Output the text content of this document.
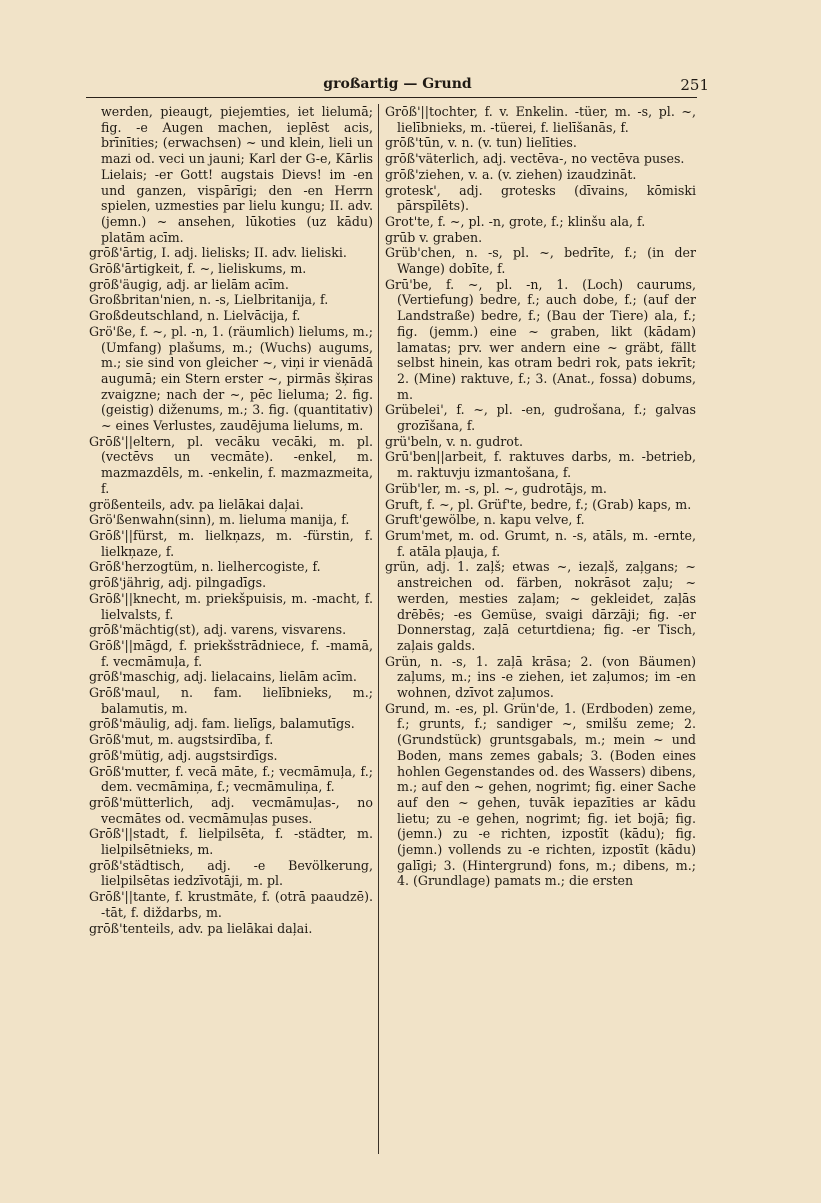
großartig — Grund	251

werden, pieaugt, piejemties, iet lielumā; fig. -e Augen machen, ieplēst acis, brīnīties; (erwachsen) ~ und klein, lieli un mazi od. veci un jauni; Karl der G-e, Kārlis Lielais; -er Gott! augstais Dievs! im -en und ganzen, vispārīgi; den -en Herrn spielen, uzmesties par lielu kungu; II. adv. (jemn.) ~ ansehen, lūkoties (uz kādu) platām acīm.

grōß'ārtig, I. adj. lielisks; II. adv. lieliski.

Grōß'ārtigkeit, f. ~, lieliskums, m.

grōß'äugig, adj. ar lielām acīm.

Großbritan'nien, n. -s, Lielbritanija, f.

Großdeutschland, n. Lielvācija, f.

Grö'ße, f. ~, pl. -n, 1. (räumlich) lielums, m.; (Umfang) plašums, m.; (Wuchs) augums, m.; sie sind von gleicher ~, viņi ir vienādā augumā; ein Stern erster ~, pirmās šķiras zvaigzne; nach der ~, pēc lieluma; 2. fig. (geistig) diženums, m.; 3. fig. (quantitativ) ~ eines Verlustes, zaudējuma lielums, m.

Grōß'||eltern, pl. vecāku vecāki, m. pl. (vectēvs un vecmāte). -enkel, m. mazmazdēls, m. -enkelin, f. mazmazmeita, f.

größenteils, adv. pa lielākai daļai.

Grö'ßenwahn(sinn), m. lieluma manija, f.

Grōß'||fürst, m. lielkņazs, m. -fürstin, f. lielkņaze, f.

Grōß'herzogtüm, n. lielhercogiste, f.

grōß'jährig, adj. pilngadīgs.

Grōß'||knecht, m. priekšpuisis, m. -macht, f. lielvalsts, f.

grōß'mächtig(st), adj. varens, visvarens.

Grōß'||māgd, f. priekšstrādniece, f. -mamā, f. vecmāmuļa, f.

grōß'maschig, adj. lielacains, lielām acīm.

Grōß'maul, n. fam. lielībnieks, m.; balamutis, m.

grōß'mäulig, adj. fam. lielīgs, balamutīgs.

Grōß'mut, m. augstsirdība, f.

grōß'mütig, adj. augstsirdīgs.

Grōß'mutter, f. vecā māte, f.; vecmāmuļa, f.; dem. vecmāmiņa, f.; vecmāmuliņa, f.

grōß'mütterlich, adj. vecmāmuļas-, no vecmātes od. vecmāmuļas puses.

Grōß'||stadt, f. lielpilsēta, f. -städter, m. lielpilsētnieks, m.

grōß'städtisch, adj. -e Bevölkerung, lielpilsētas iedzīvotāji, m. pl.

Grōß'||tante, f. krustmāte, f. (otrā paaudzē). -tāt, f. diždarbs, m.

grōß'tenteils, adv. pa lielākai daļai.

Grōß'||tochter, f. v. Enkelin. -tüer, m. -s, pl. ~, lielībnieks, m. -tüerei, f. lielīšanās, f.

grōß'tūn, v. n. (v. tun) lielīties.

grōß'väterlich, adj. vectēva-, no vectēva puses.

grōß'ziehen, v. a. (v. ziehen) izaudzināt.

grotesk', adj. grotesks (dīvains, kōmiski pārspīlēts).

Grot'te, f. ~, pl. -n, grote, f.; klinšu ala, f.

grūb v. graben.

Grüb'chen, n. -s, pl. ~, bedrīte, f.; (in der Wange) dobīte, f.

Grū'be, f. ~, pl. -n, 1. (Loch) caurums, (Vertiefung) bedre, f.; auch dobe, f.; (auf der Landstraße) bedre, f.; (Bau der Tiere) ala, f.; fig. (jemm.) eine ~ graben, likt (kādam) lamatas; prv. wer andern eine ~ gräbt, fällt selbst hinein, kas otram bedri rok, pats iekrīt; 2. (Mine) raktuve, f.; 3. (Anat., fossa) dobums, m.

Grübelei', f. ~, pl. -en, gudrošana, f.; galvas grozīšana, f.

grü'beln, v. n. gudrot.

Grū'ben||arbeit, f. raktuves darbs, m. -betrieb, m. raktuvju izmantošana, f.

Grüb'ler, m. -s, pl. ~, gudrotājs, m.

Gruft, f. ~, pl. Grüf'te, bedre, f.; (Grab) kaps, m.

Gruft'gewölbe, n. kapu velve, f.

Grum'met, m. od. Grumt, n. -s, atāls, m. -ernte, f. atāla pļauja, f.

grün, adj. 1. zaļš; etwas ~, iezaļš, zaļgans; ~ anstreichen od. färben, nokrāsot zaļu; ~ werden, mesties zaļam; ~ gekleidet, zaļās drēbēs; -es Gemüse, svaigi dārzāji; fig. -er Donnerstag, zaļā ceturtdiena; fig. -er Tisch, zaļais galds.

Grün, n. -s, 1. zaļā krāsa; 2. (von Bäumen) zaļums, m.; ins -e ziehen, iet zaļumos; im -en wohnen, dzīvot zaļumos.

Grund, m. -es, pl. Grün'de, 1. (Erdboden) zeme, f.; grunts, f.; sandiger ~, smilšu zeme; 2. (Grundstück) gruntsgabals, m.; mein ~ und Boden, mans zemes gabals; 3. (Boden eines hohlen Gegenstandes od. des Wassers) dibens, m.; auf den ~ gehen, nogrimt; fig. einer Sache auf den ~ gehen, tuvāk iepazīties ar kādu lietu; zu -e gehen, nogrimt; fig. iet bojā; fig. (jemn.) zu -e richten, izpostīt (kādu); fig. (jemn.) vollends zu -e richten, izpostīt (kādu) galīgi; 3. (Hintergrund) fons, m.; dibens, m.; 4. (Grundlage) pamats m.; die ersten
